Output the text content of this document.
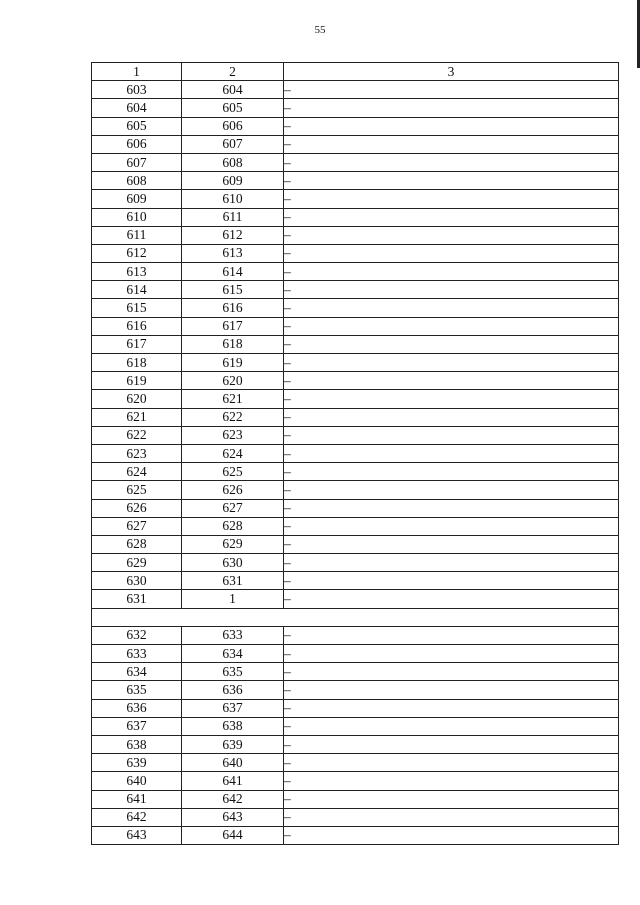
55
1	2	3
603	604	–
604	605	–
605	606	–
606	607	–
607	608	–
608	609	–
609	610	–
610	611	–
611	612	–
612	613	–
613	614	–
614	615	–
615	616	–
616	617	–
617	618	–
618	619	–
619	620	–
620	621	–
621	622	–
622	623	–
623	624	–
624	625	–
625	626	–
626	627	–
627	628	–
628	629	–
629	630	–
630	631	–
631	1	–

632	633	–
633	634	–
634	635	–
635	636	–
636	637	–
637	638	–
638	639	–
639	640	–
640	641	–
641	642	–
642	643	–
643	644	–
